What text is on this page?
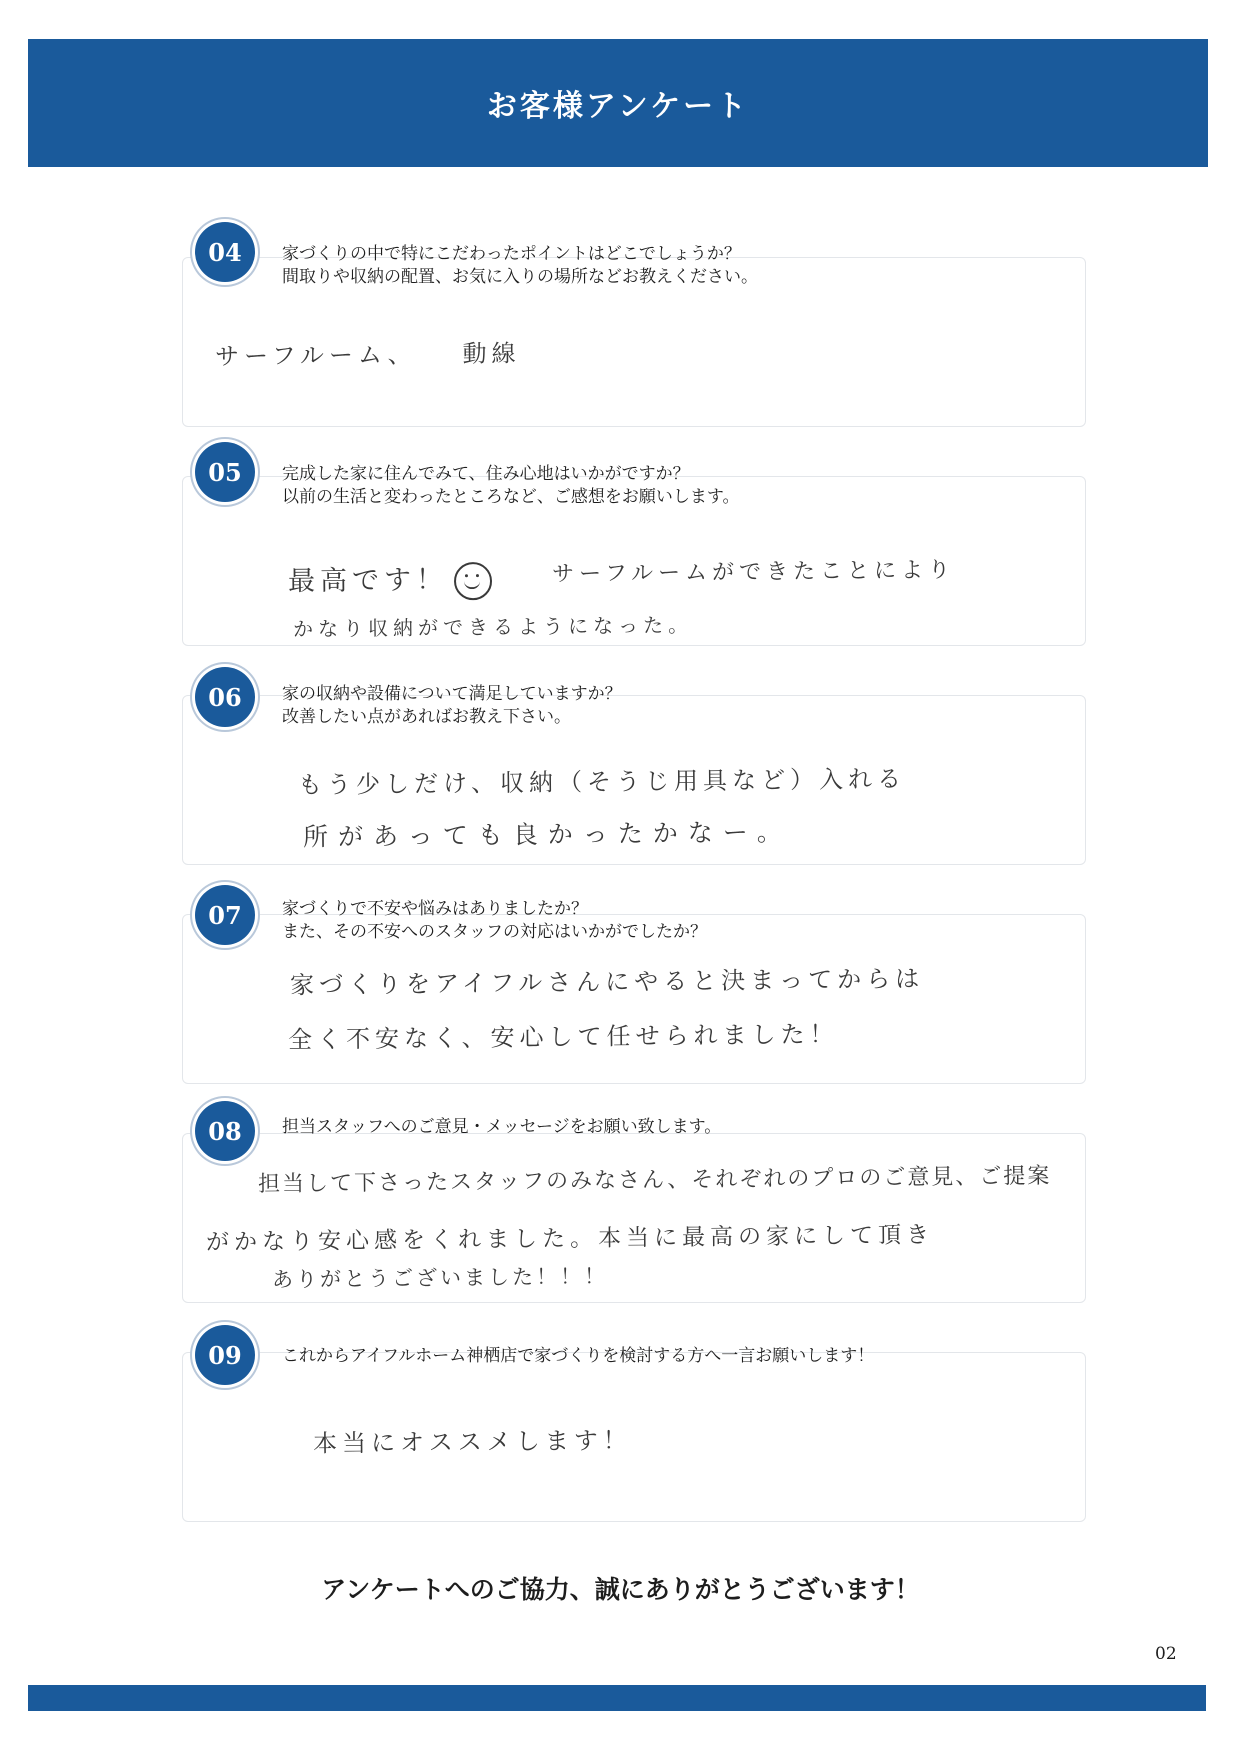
お客様アンケート
04	家づくりの中で特にこだわったポイントはどこでしょうか？
間取りや収納の配置、お気に入りの場所などお教えください。
サーフルーム、　　動線
05	完成した家に住んでみて、住み心地はいかがですか？
以前の生活と変わったところなど、ご感想をお願いします。
最高です！	サーフルームができたことにより
かなり収納ができるようになった。
06	家の収納や設備について満足していますか？
改善したい点があればお教え下さい。
もう少しだけ、収納（そうじ用具など）入れる
所があっても良かったかなー。
07	家づくりで不安や悩みはありましたか？
また、その不安へのスタッフの対応はいかがでしたか？
家づくりをアイフルさんにやると決まってからは
全く不安なく、安心して任せられました！
08	担当スタッフへのご意見・メッセージをお願い致します。
担当して下さったスタッフのみなさん、それぞれのプロのご意見、ご提案
がかなり安心感をくれました。本当に最高の家にして頂き
ありがとうございました！！！
09	これからアイフルホーム神栖店で家づくりを検討する方へ一言お願いします！
本当にオススメします！
アンケートへのご協力、誠にありがとうございます！
02
